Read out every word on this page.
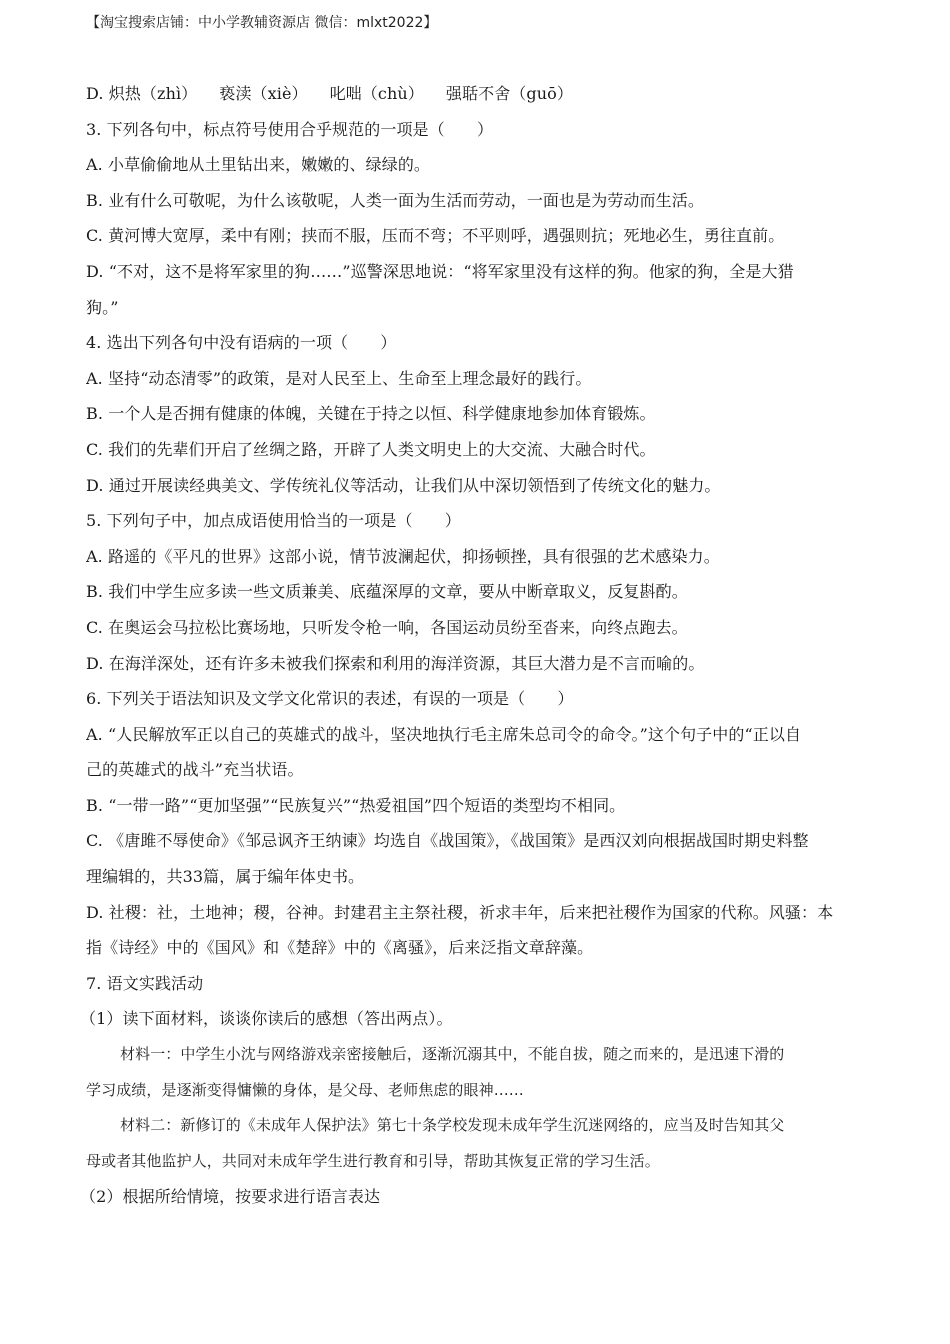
【淘宝搜索店铺：中小学教辅资源店 微信：mlxt2022】
D. 炽热（zhì） 亵渎（xiè） 叱咄（chù） 强聒不舍（guō）
3. 下列各句中，标点符号使用合乎规范的一项是（　　）
A. 小草偷偷地从土里钻出来，嫩嫩的、绿绿的。
B. 业有什么可敬呢，为什么该敬呢，人类一面为生活而劳动，一面也是为劳动而生活。
C. 黄河博大宽厚，柔中有刚；挟而不服，压而不弯；不平则呼，遇强则抗；死地必生，勇往直前。
D. “不对，这不是将军家里的狗……”巡警深思地说：“将军家里没有这样的狗。他家的狗，全是大猎
狗。”
4. 选出下列各句中没有语病的一项（　　）
A. 坚持“动态清零”的政策，是对人民至上、生命至上理念最好的践行。
B. 一个人是否拥有健康的体魄，关键在于持之以恒、科学健康地参加体育锻炼。
C. 我们的先辈们开启了丝绸之路，开辟了人类文明史上的大交流、大融合时代。
D. 通过开展读经典美文、学传统礼仪等活动，让我们从中深切领悟到了传统文化的魅力。
5. 下列句子中，加点成语使用恰当的一项是（　　）
A. 路遥的《平凡的世界》这部小说，情节波澜起伏，抑扬顿挫，具有很强的艺术感染力。
B. 我们中学生应多读一些文质兼美、底蕴深厚的文章，要从中断章取义，反复斟酌。
C. 在奥运会马拉松比赛场地，只听发令枪一响，各国运动员纷至沓来，向终点跑去。
D. 在海洋深处，还有许多未被我们探索和利用的海洋资源，其巨大潜力是不言而喻的。
6. 下列关于语法知识及文学文化常识的表述，有误的一项是（　　）
A. “人民解放军正以自己的英雄式的战斗，坚决地执行毛主席朱总司令的命令。”这个句子中的“正以自
己的英雄式的战斗”充当状语。
B. “一带一路”“更加坚强”“民族复兴”“热爱祖国”四个短语的类型均不相同。
C. 《唐雎不辱使命》《邹忌讽齐王纳谏》均选自《战国策》，《战国策》是西汉刘向根据战国时期史料整
理编辑的，共33篇，属于编年体史书。
D. 社稷：社，土地神；稷，谷神。封建君主主祭社稷，祈求丰年，后来把社稷作为国家的代称。风骚：本
指《诗经》中的《国风》和《楚辞》中的《离骚》，后来泛指文章辞藻。
7. 语文实践活动
（1）读下面材料，谈谈你读后的感想（答出两点）。
材料一：中学生小沈与网络游戏亲密接触后，逐渐沉溺其中，不能自拔，随之而来的，是迅速下滑的
学习成绩，是逐渐变得慵懒的身体，是父母、老师焦虑的眼神……
材料二：新修订的《未成年人保护法》第七十条学校发现未成年学生沉迷网络的，应当及时告知其父
母或者其他监护人，共同对未成年学生进行教育和引导，帮助其恢复正常的学习生活。
（2）根据所给情境，按要求进行语言表达
